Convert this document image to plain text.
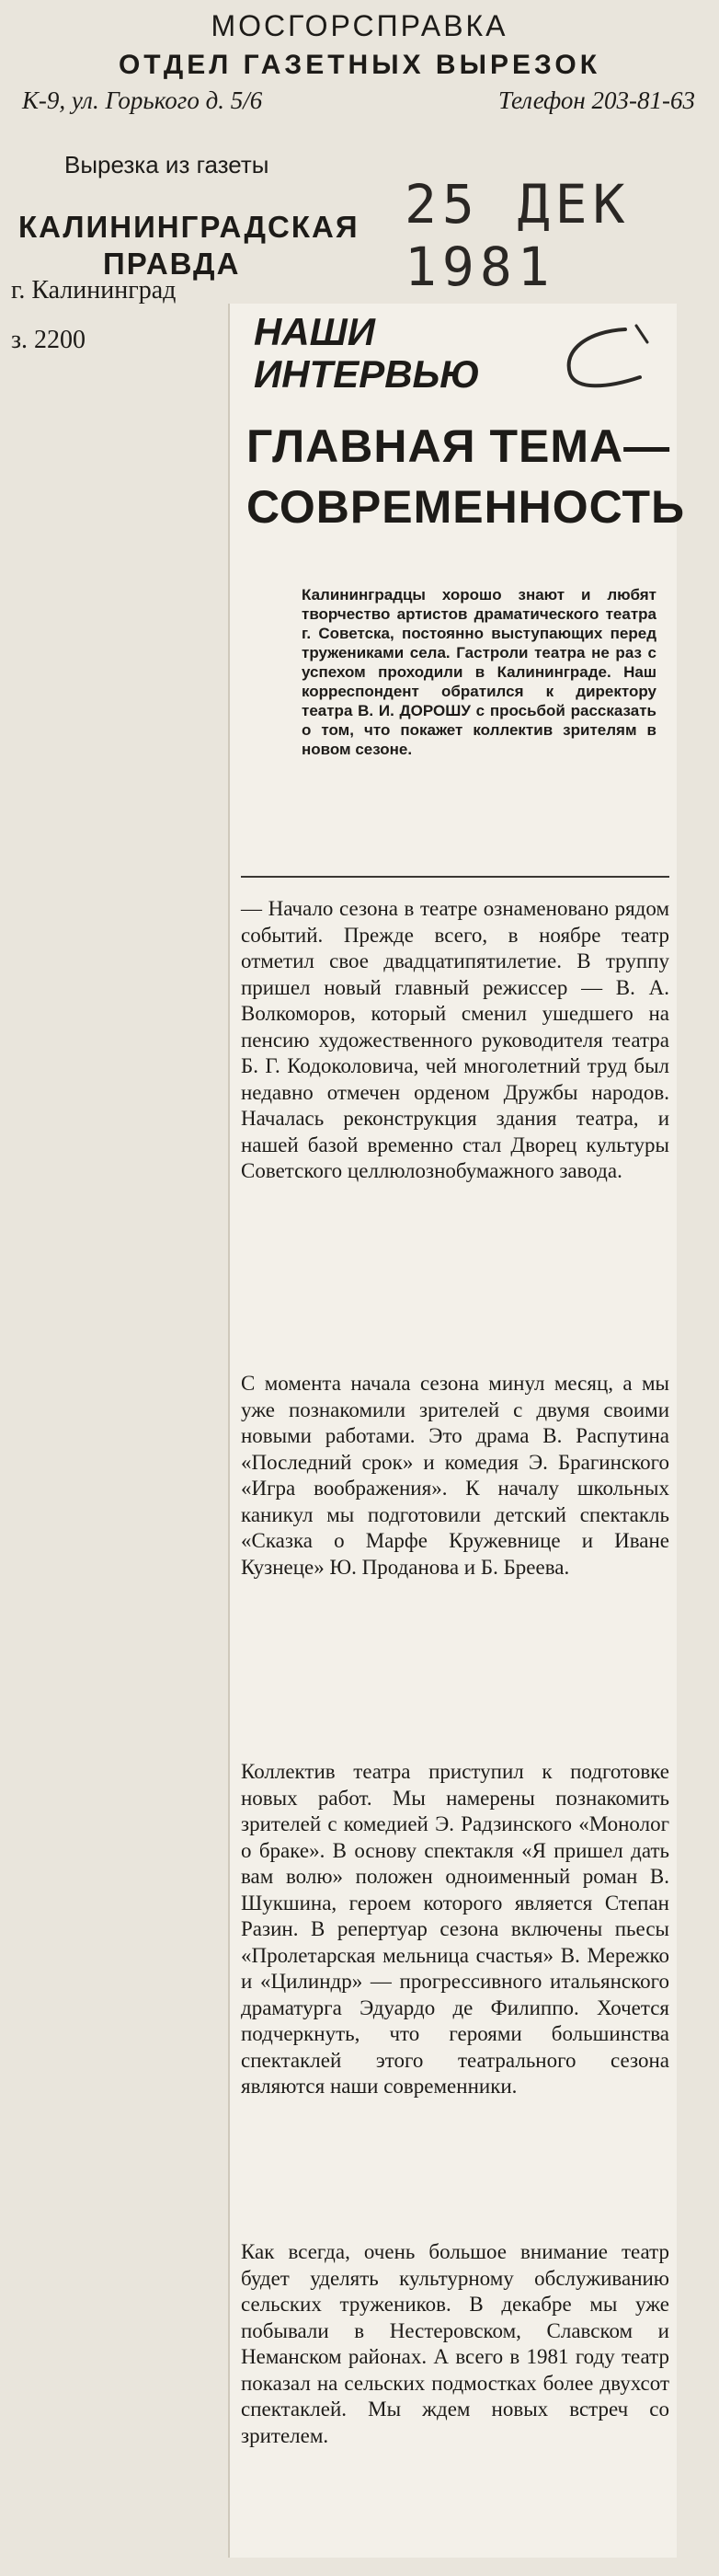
МОСГОРСПРАВКА
ОТДЕЛ ГАЗЕТНЫХ ВЫРЕЗОК
К-9, ул. Горького д. 5/6	Телефон 203-81-63
Вырезка из газеты
25 ДЕК 1981
КАЛИНИНГРАДСКАЯ
ПРАВДА
г. Калининград
з. 2200	НАШИ
ИНТЕРВЬЮ
ГЛАВНАЯ ТЕМА—
СОВРЕМЕННОСТЬ
Калининградцы хорошо знают и любят творчество артистов драматического театра г. Советска, постоянно выступающих перед тружениками села. Гастроли театра не раз с успехом проходили в Калининграде. Наш корреспондент обратился к директору театра В. И. ДОРОШУ с просьбой рассказать о том, что покажет коллектив зрителям в новом сезоне.
— Начало сезона в театре ознаменовано рядом событий. Прежде всего, в ноябре театр отметил свое двадцатипятилетие. В труппу пришел новый главный режиссер — В. А. Волкоморов, который сменил ушедшего на пенсию художественного руководителя театра Б. Г. Кодоколовича, чей многолетний труд был недавно отмечен орденом Дружбы народов. Началась реконструкция здания театра, и нашей базой временно стал Дворец культуры Советского целлюлознобумажного завода.
С момента начала сезона минул месяц, а мы уже познакомили зрителей с двумя своими новыми работами. Это драма В. Распутина «Последний срок» и комедия Э. Брагинского «Игра воображения». К началу школьных каникул мы подготовили детский спектакль «Сказка о Марфе Кружевнице и Иване Кузнеце» Ю. Проданова и Б. Бреева.
Коллектив театра приступил к подготовке новых работ. Мы намерены познакомить зрителей с комедией Э. Радзинского «Монолог о браке». В основу спектакля «Я пришел дать вам волю» положен одноименный роман В. Шукшина, героем которого является Степан Разин. В репертуар сезона включены пьесы «Пролетарская мельница счастья» В. Мережко и «Цилиндр» — прогрессивного итальянского драматурга Эдуардо де Филиппо. Хочется подчеркнуть, что героями большинства спектаклей этого театрального сезона являются наши современники.
Как всегда, очень большое внимание театр будет уделять культурному обслуживанию сельских тружеников. В декабре мы уже побывали в Нестеровском, Славском и Неманском районах. А всего в 1981 году театр показал на сельских подмостках более двухсот спектаклей. Мы ждем новых встреч со зрителем.
